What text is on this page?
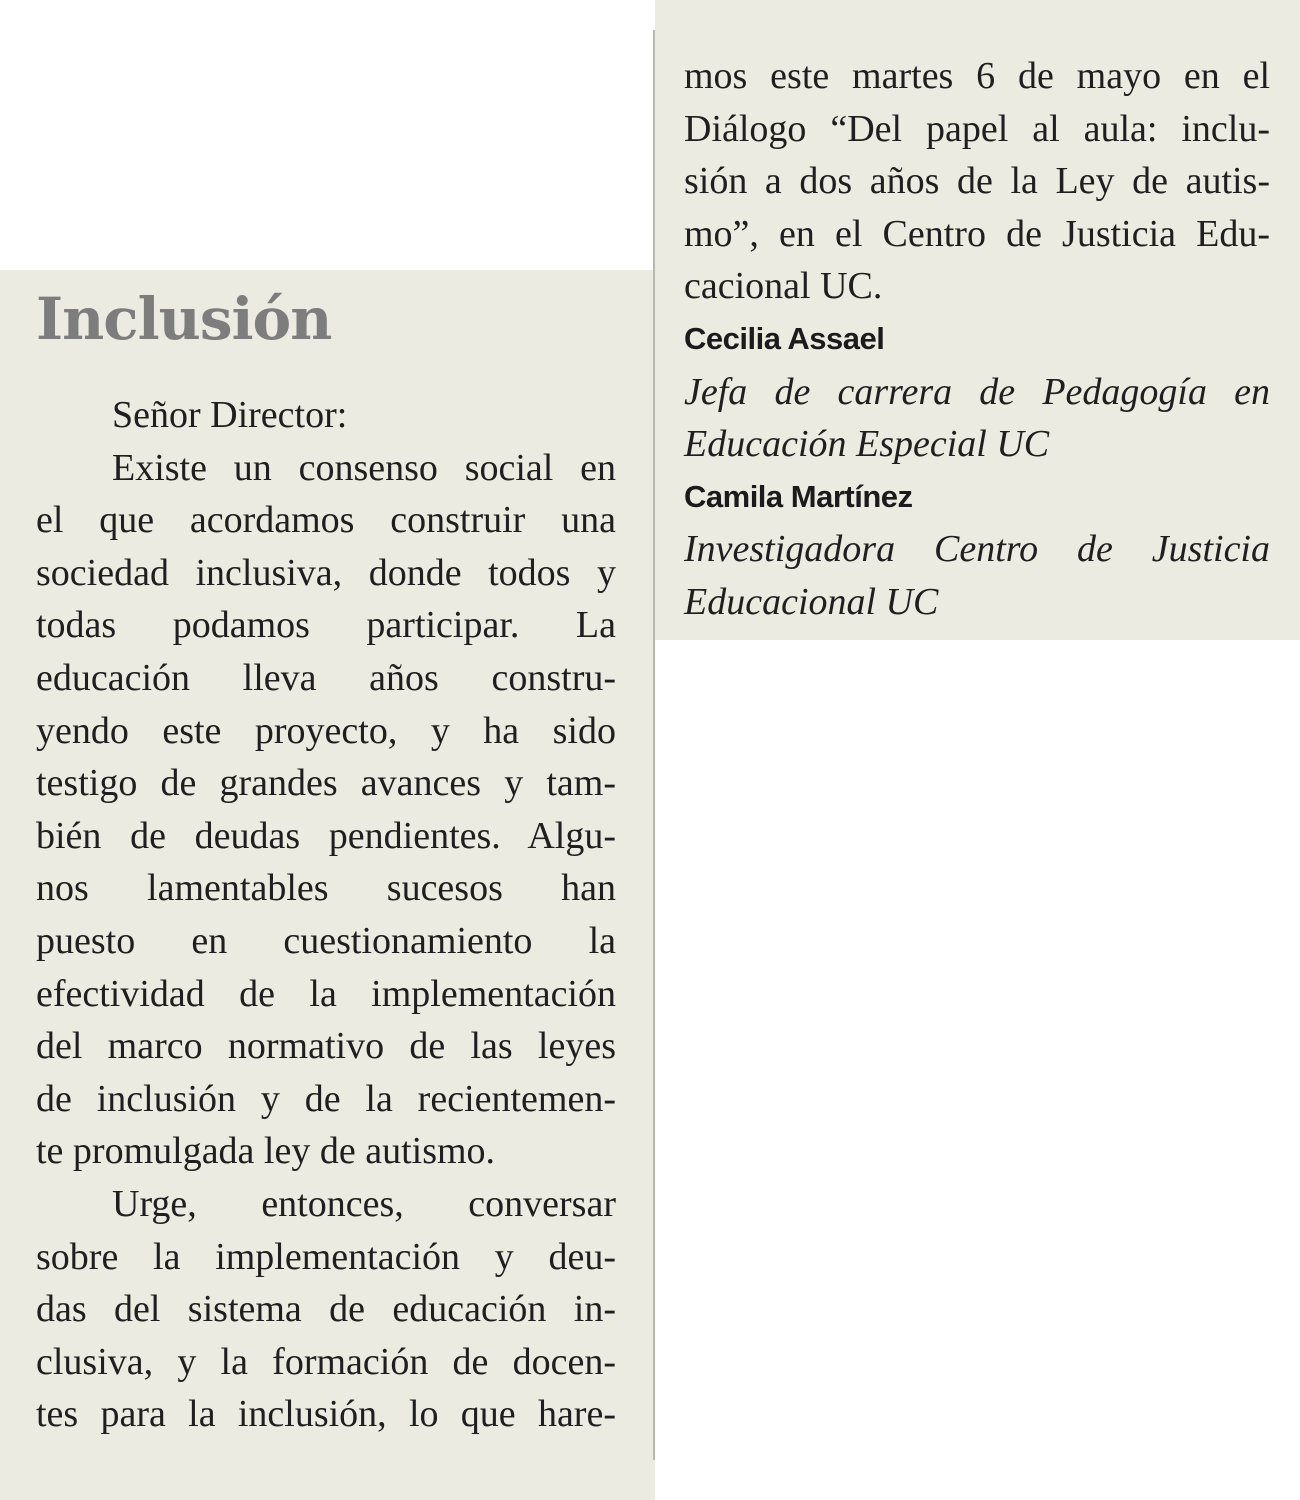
Inclusión
Señor Director:
Existe un consenso social en
el que acordamos construir una
sociedad inclusiva, donde todos y
todas podamos participar. La
educación lleva años constru-
yendo este proyecto, y ha sido
testigo de grandes avances y tam-
bién de deudas pendientes. Algu-
nos lamentables sucesos han
puesto en cuestionamiento la
efectividad de la implementación
del marco normativo de las leyes
de inclusión y de la recientemen-
te promulgada ley de autismo.
Urge, entonces, conversar
sobre la implementación y deu-
das del sistema de educación in-
clusiva, y la formación de docen-
tes para la inclusión, lo que hare-
mos este martes 6 de mayo en el
Diálogo “Del papel al aula: inclu-
sión a dos años de la Ley de autis-
mo”, en el Centro de Justicia Edu-
cacional UC.
Cecilia Assael
Jefa de carrera de Pedagogía en
Educación Especial UC
Camila Martínez
Investigadora Centro de Justicia
Educacional UC
